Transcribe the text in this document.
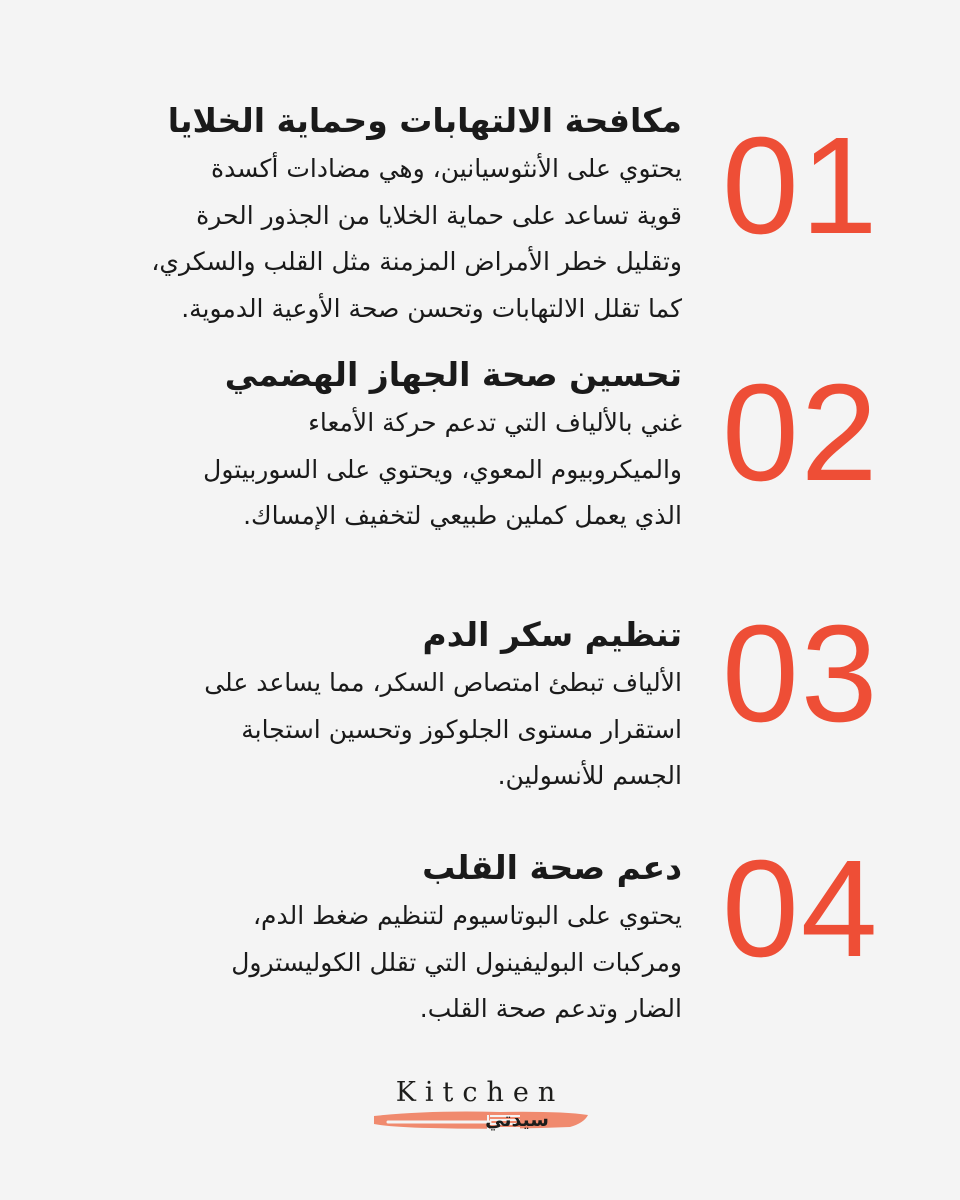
01
مكافحة الالتهابات وحماية الخلايا

يحتوي على الأنثوسيانين، وهي مضادات أكسدة
قوية تساعد على حماية الخلايا من الجذور الحرة
وتقليل خطر الأمراض المزمنة مثل القلب والسكري،
كما تقلل الالتهابات وتحسن صحة الأوعية الدموية.

02
تحسين صحة الجهاز الهضمي

غني بالألياف التي تدعم حركة الأمعاء
والميكروبيوم المعوي، ويحتوي على السوربيتول
الذي يعمل كملين طبيعي لتخفيف الإمساك.

03
تنظيم سكر الدم

الألياف تبطئ امتصاص السكر، مما يساعد على
استقرار مستوى الجلوكوز وتحسين استجابة
الجسم للأنسولين.

04
دعم صحة القلب

يحتوي على البوتاسيوم لتنظيم ضغط الدم،
ومركبات البوليفينول التي تقلل الكوليسترول
الضار وتدعم صحة القلب.

Kitchen
سيدتي
